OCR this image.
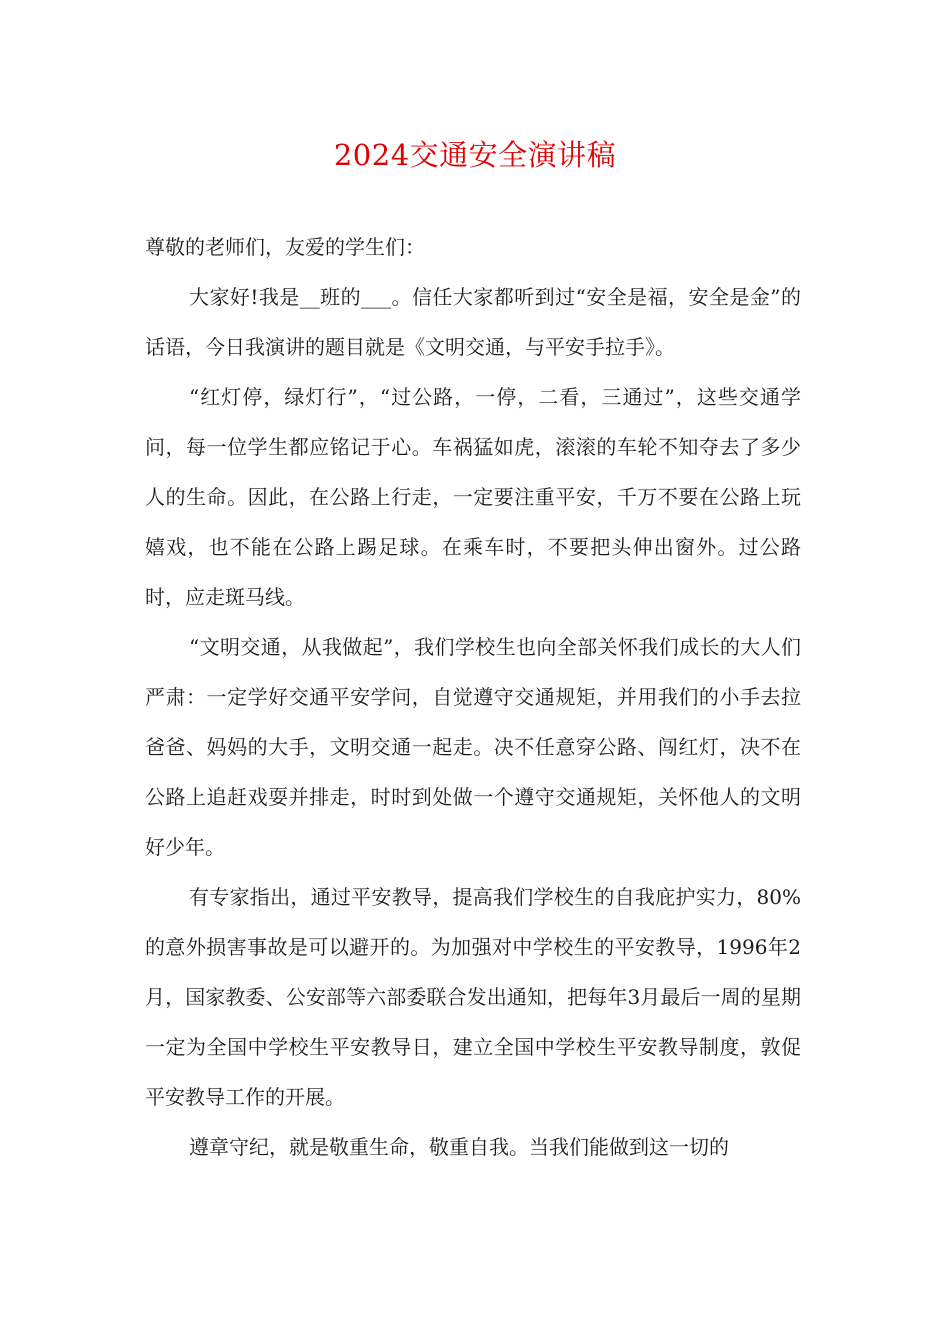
2024交通安全演讲稿

尊敬的老师们，友爱的学生们：

大家好!我是__班的___。信任大家都听到过“安全是福，安全是金”的话语，今日我演讲的题目就是《文明交通，与平安手拉手》。

“红灯停，绿灯行”，“过公路，一停，二看，三通过”，这些交通学问，每一位学生都应铭记于心。车祸猛如虎，滚滚的车轮不知夺去了多少人的生命。因此，在公路上行走，一定要注重平安，千万不要在公路上玩嬉戏，也不能在公路上踢足球。在乘车时，不要把头伸出窗外。过公路时，应走斑马线。

“文明交通，从我做起”，我们学校生也向全部关怀我们成长的大人们严肃：一定学好交通平安学问，自觉遵守交通规矩，并用我们的小手去拉爸爸、妈妈的大手，文明交通一起走。决不任意穿公路、闯红灯，决不在公路上追赶戏耍并排走，时时到处做一个遵守交通规矩，关怀他人的文明好少年。

有专家指出，通过平安教导，提高我们学校生的自我庇护实力，80%的意外损害事故是可以避开的。为加强对中学校生的平安教导，1996年2月，国家教委、公安部等六部委联合发出通知，把每年3月最后一周的星期一定为全国中学校生平安教导日，建立全国中学校生平安教导制度，敦促平安教导工作的开展。

遵章守纪，就是敬重生命，敬重自我。当我们能做到这一切的
